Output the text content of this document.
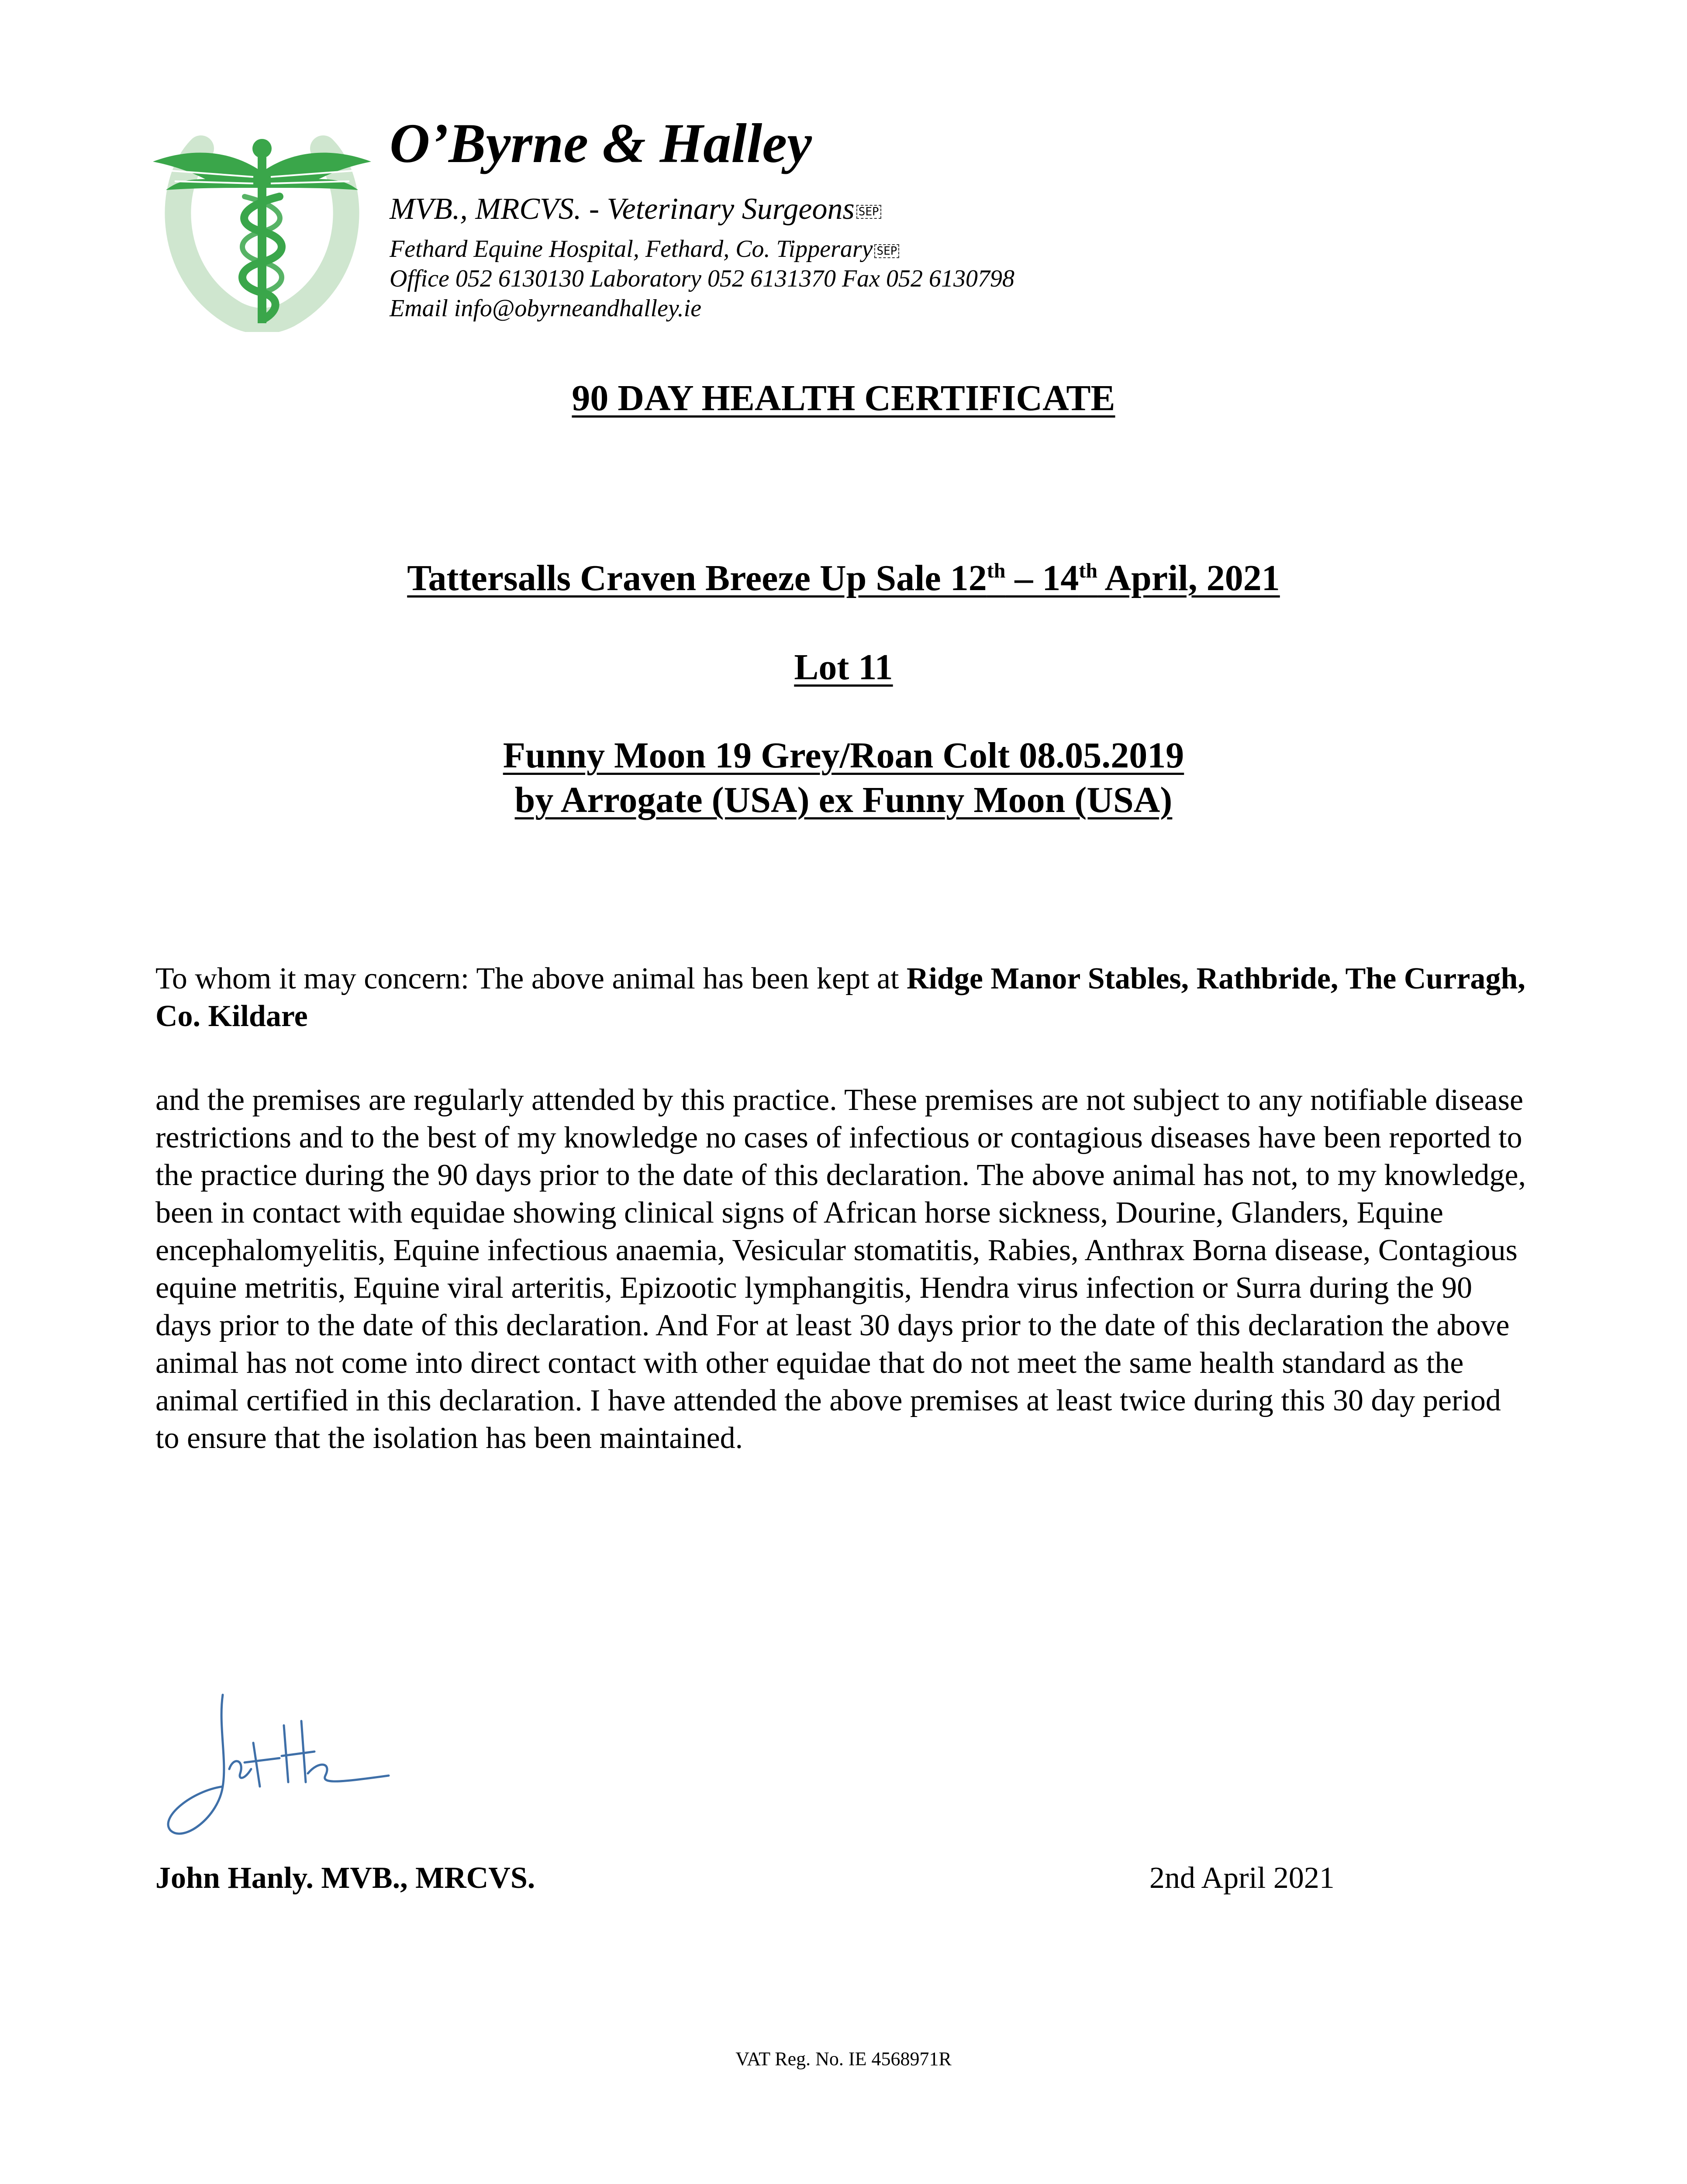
O’Byrne & Halley
MVB., MRCVS. - Veterinary Surgeons SEP
Fethard Equine Hospital, Fethard, Co. Tipperary SEP
Office 052 6130130 Laboratory 052 6131370 Fax 052 6130798
Email info@obyrneandhalley.ie
90 DAY HEALTH CERTIFICATE
Tattersalls Craven Breeze Up Sale 12th – 14th April, 2021
Lot 11
Funny Moon 19 Grey/Roan Colt 08.05.2019
by Arrogate (USA) ex Funny Moon (USA)
To whom it may concern: The above animal has been kept at Ridge Manor Stables, Rathbride, The Curragh, Co. Kildare
and the premises are regularly attended by this practice. These premises are not subject to any notifiable disease restrictions and to the best of my knowledge no cases of infectious or contagious diseases have been reported to the practice during the 90 days prior to the date of this declaration. The above animal has not, to my knowledge, been in contact with equidae showing clinical signs of African horse sickness, Dourine, Glanders, Equine encephalomyelitis, Equine infectious anaemia, Vesicular stomatitis, Rabies, Anthrax Borna disease, Contagious equine metritis, Equine viral arteritis, Epizootic lymphangitis, Hendra virus infection or Surra during the 90 days prior to the date of this declaration. And For at least 30 days prior to the date of this declaration the above animal has not come into direct contact with other equidae that do not meet the same health standard as the animal certified in this declaration. I have attended the above premises at least twice during this 30 day period to ensure that the isolation has been maintained.
John Hanly. MVB., MRCVS.	2nd April 2021
VAT Reg. No. IE 4568971R
